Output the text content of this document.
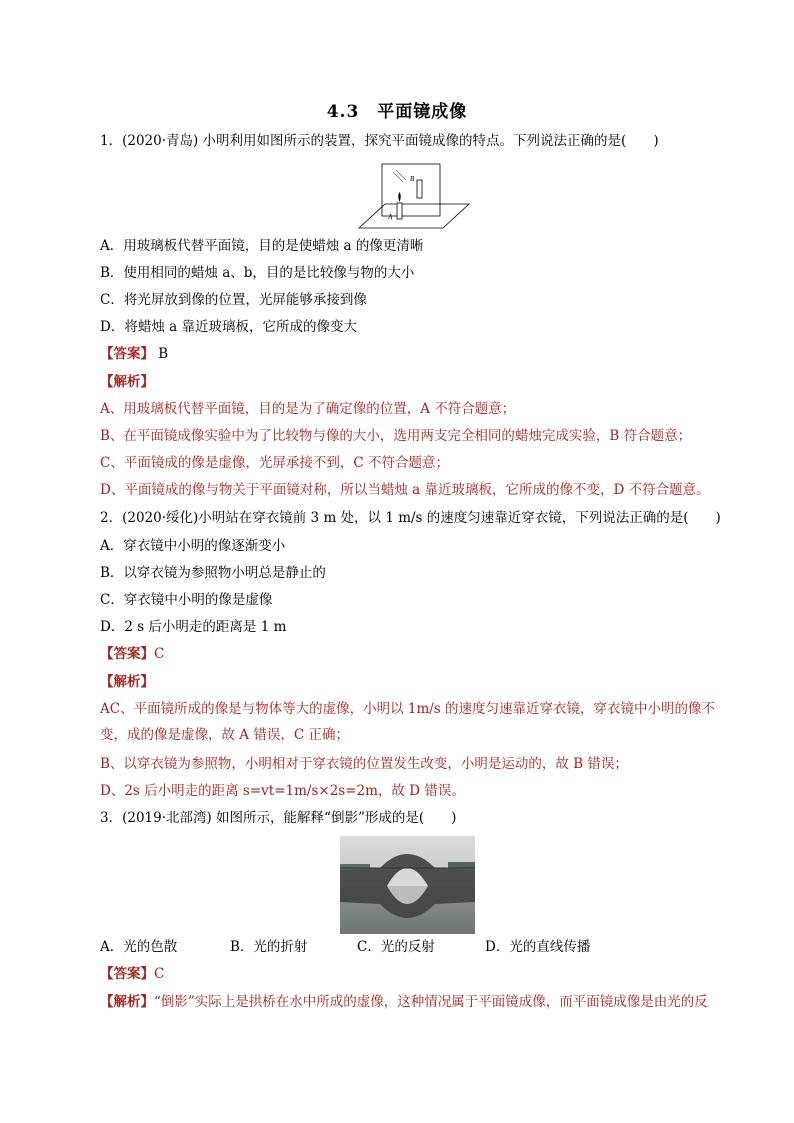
4.3　平面镜成像
1．(2020·青岛) 小明利用如图所示的装置，探究平面镜成像的特点。下列说法正确的是(　　)
A
B
A．用玻璃板代替平面镜，目的是使蜡烛 a 的像更清晰
B．使用相同的蜡烛 a、b，目的是比较像与物的大小
C．将光屏放到像的位置，光屏能够承接到像
D．将蜡烛 a 靠近玻璃板，它所成的像变大
【答案】 B
【解析】
A、用玻璃板代替平面镜，目的是为了确定像的位置，A 不符合题意；
B、在平面镜成像实验中为了比较物与像的大小，选用两支完全相同的蜡烛完成实验，B 符合题意；
C、平面镜成的像是虚像，光屏承接不到，C 不符合题意；
D、平面镜成的像与物关于平面镜对称，所以当蜡烛 a 靠近玻璃板，它所成的像不变，D 不符合题意。
2．(2020·绥化)小明站在穿衣镜前 3 m 处，以 1 m/s 的速度匀速靠近穿衣镜，下列说法正确的是(　　)
A．穿衣镜中小明的像逐渐变小
B．以穿衣镜为参照物小明总是静止的
C．穿衣镜中小明的像是虚像
D．2 s 后小明走的距离是 1 m
【答案】C
【解析】
AC、平面镜所成的像是与物体等大的虚像，小明以 1m/s 的速度匀速靠近穿衣镜，穿衣镜中小明的像不变，成的像是虚像，故 A 错误，C 正确；
B、以穿衣镜为参照物，小明相对于穿衣镜的位置发生改变，小明是运动的，故 B 错误；
D、2s 后小明走的距离 s=vt=1m/s×2s=2m，故 D 错误。
3．(2019·北部湾) 如图所示，能解释“倒影”形成的是(　　)
A．光的色散	B．光的折射	C．光的反射	D．光的直线传播
【答案】C
【解析】“倒影”实际上是拱桥在水中所成的虚像，这种情况属于平面镜成像，而平面镜成像是由光的反
